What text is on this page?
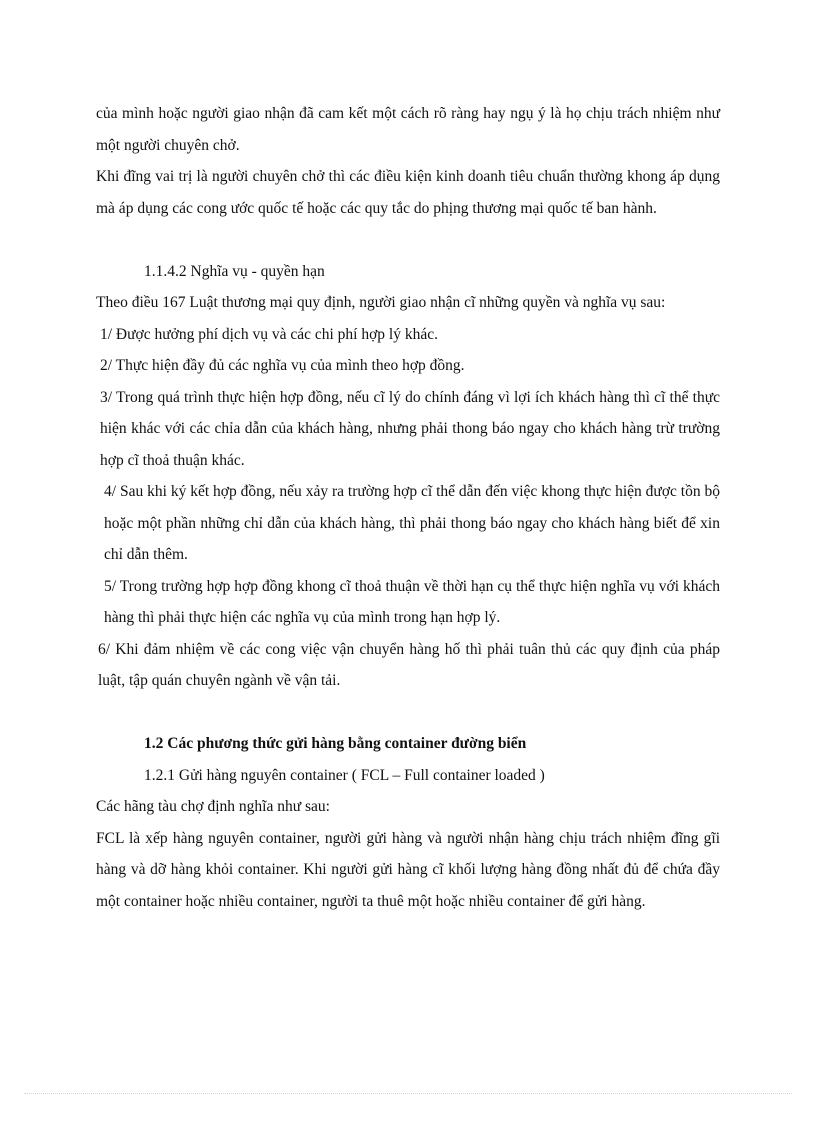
của mình hoặc người giao nhận đã cam kết một cách rõ ràng hay ngụ ý là họ chịu trách nhiệm như một người chuyên chở.

Khi đĩng vai trị là người chuyên chở thì các điều kiện kinh doanh tiêu chuẩn thường khong áp dụng mà áp dụng các cong ước quốc tế hoặc các quy tắc do phịng thương mại quốc tế ban hành.

1.1.4.2 Nghĩa vụ - quyền hạn

Theo điều 167 Luật thương mại quy định, người giao nhận cĩ những quyền và nghĩa vụ sau:

1/ Được hưởng phí dịch vụ và các chi phí hợp lý khác.

2/ Thực hiện đầy đủ các nghĩa vụ của mình theo hợp đồng.

3/ Trong quá trình thực hiện hợp đồng, nếu cĩ lý do chính đáng vì lợi ích khách hàng thì cĩ thể thực hiện khác với các chỉa dẫn của khách hàng, nhưng phải thong báo ngay cho khách hàng trừ trường hợp cĩ thoả thuận khác.

4/ Sau khi ký kết hợp đồng, nếu xảy ra trường hợp cĩ thể dẫn đến việc khong thực hiện được tồn bộ hoặc một phần những chỉ dẫn của khách hàng, thì phải thong báo ngay cho khách hàng biết để xin chỉ dẫn thêm.

5/ Trong trường hợp hợp đồng khong cĩ thoả thuận về thời hạn cụ thể thực hiện nghĩa vụ với khách hàng thì phải thực hiện các nghĩa vụ của mình trong hạn hợp lý.

6/ Khi đảm nhiệm về các cong việc vận chuyển hàng hố thì phải tuân thủ các quy định của pháp luật, tập quán chuyên ngành về vận tải.

1.2 Các phương thức gửi hàng bằng container đường biển

1.2.1 Gửi hàng nguyên container ( FCL – Full container loaded )

Các hãng tàu chợ định nghĩa như sau:

FCL là xếp hàng nguyên container, người gửi hàng và người nhận hàng chịu trách nhiệm đĩng gĩi hàng và dỡ hàng khỏi container. Khi người gửi hàng cĩ khối lượng hàng đồng nhất đủ để chứa đầy một container hoặc nhiều container, người ta thuê một hoặc nhiều container để gửi hàng.
